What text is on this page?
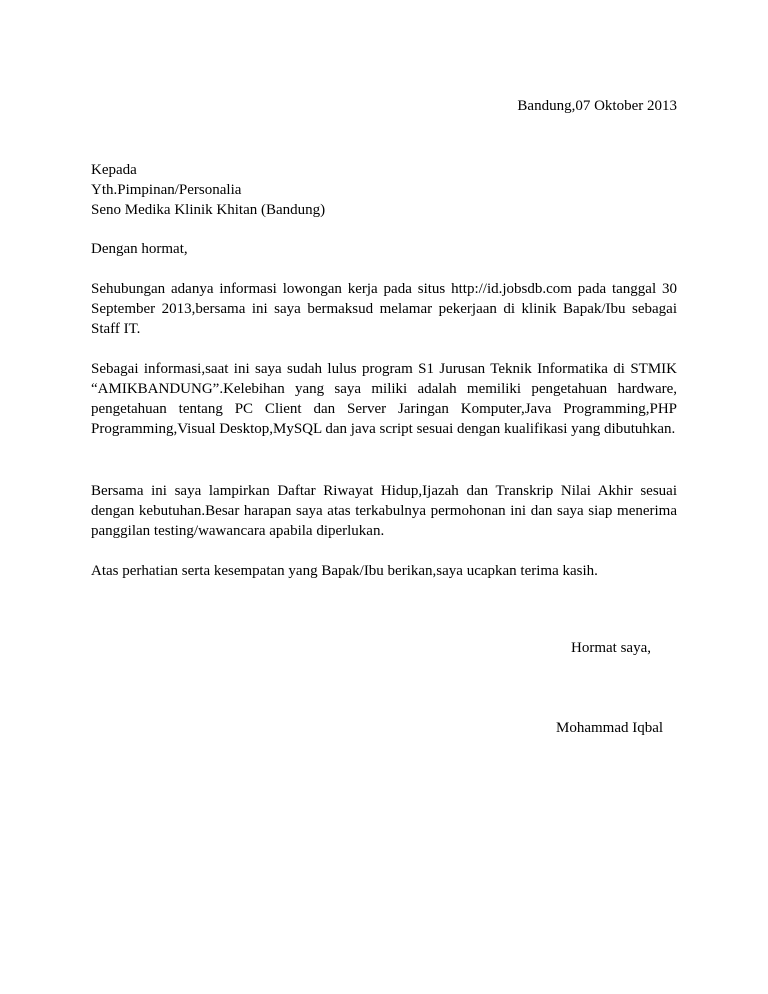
Bandung,07 Oktober 2013
Kepada
Yth.Pimpinan/Personalia
Seno Medika Klinik Khitan (Bandung)
Dengan hormat,

Sehubungan adanya informasi lowongan kerja pada situs http://id.jobsdb.com pada tanggal 30 September 2013,bersama ini saya bermaksud melamar pekerjaan di klinik Bapak/Ibu sebagai Staff IT.

Sebagai informasi,saat ini saya sudah lulus program S1 Jurusan Teknik Informatika di STMIK “AMIKBANDUNG”.Kelebihan yang saya miliki adalah memiliki pengetahuan hardware, pengetahuan tentang PC Client dan Server Jaringan Komputer,Java Programming,PHP Programming,Visual Desktop,MySQL dan java script sesuai dengan kualifikasi yang dibutuhkan.

Bersama ini saya lampirkan Daftar Riwayat Hidup,Ijazah dan Transkrip Nilai Akhir sesuai dengan kebutuhan.Besar harapan saya atas terkabulnya permohonan ini dan saya siap menerima panggilan testing/wawancara apabila diperlukan.

Atas perhatian serta kesempatan yang Bapak/Ibu berikan,saya ucapkan terima kasih.

Hormat saya,
Mohammad Iqbal
